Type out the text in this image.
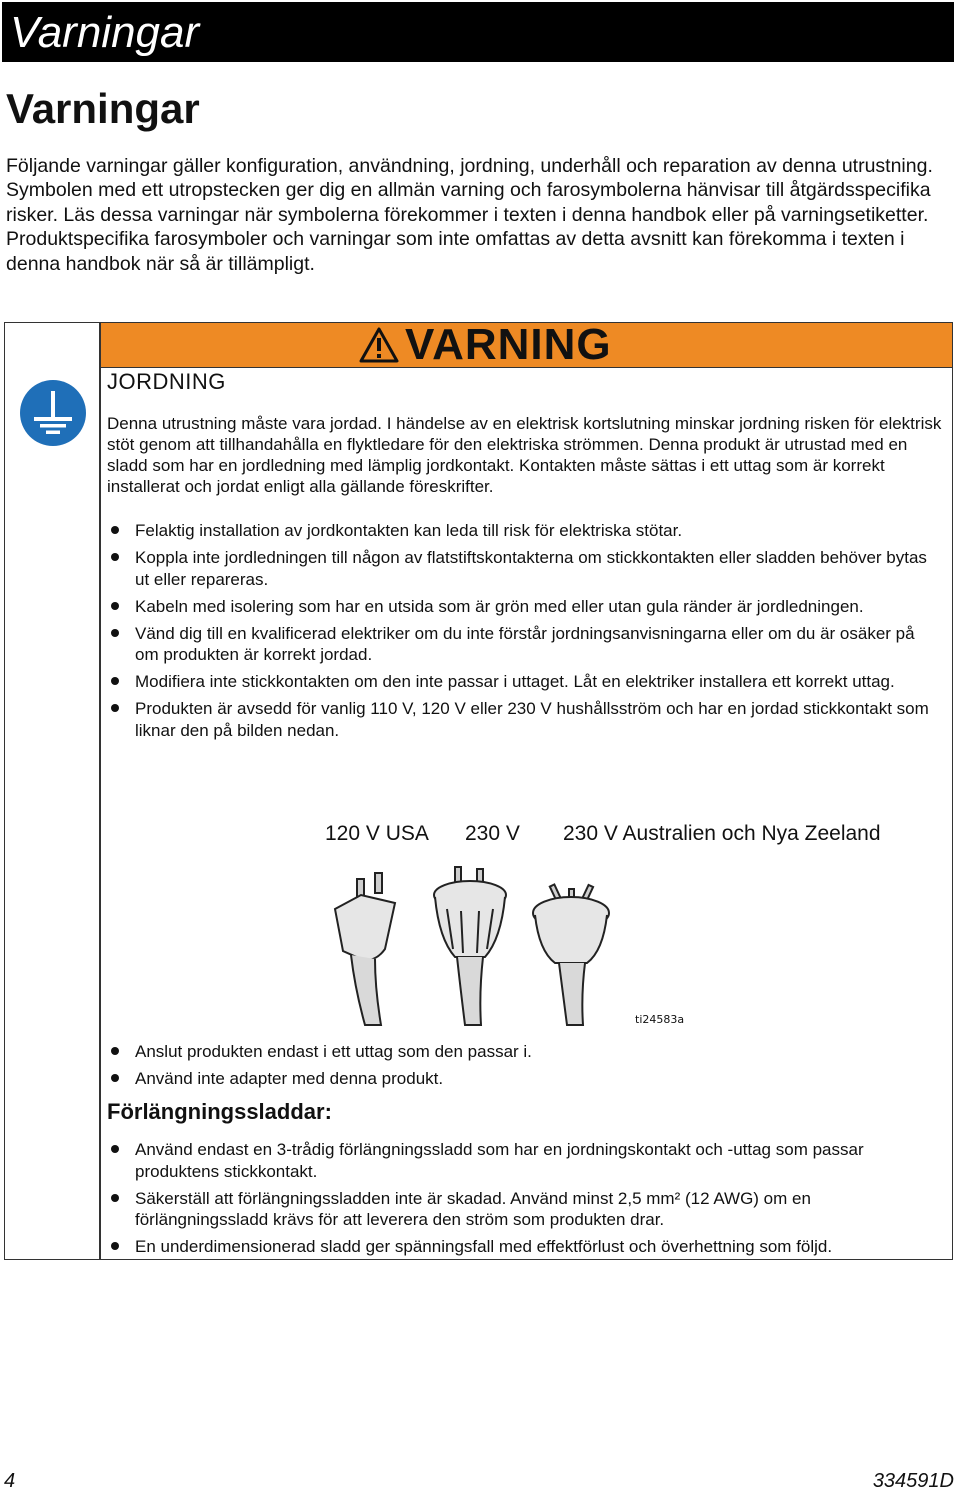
Varningar
Varningar
Följande varningar gäller konfiguration, användning, jordning, underhåll och reparation av denna utrustning. Symbolen med ett utropstecken ger dig en allmän varning och farosymbolerna hänvisar till åtgärdsspecifika risker. Läs dessa varningar när symbolerna förekommer i texten i denna handbok eller på varningsetiketter. Produktspecifika farosymboler och varningar som inte omfattas av detta avsnitt kan förekomma i texten i denna handbok när så är tillämpligt.
VARNING
JORDNING
Denna utrustning måste vara jordad. I händelse av en elektrisk kortslutning minskar jordning risken för elektrisk stöt genom att tillhandahålla en flyktledare för den elektriska strömmen. Denna produkt är utrustad med en sladd som har en jordledning med lämplig jordkontakt. Kontakten måste sättas i ett uttag som är korrekt installerat och jordat enligt alla gällande föreskrifter.
Felaktig installation av jordkontakten kan leda till risk för elektriska stötar.
Koppla inte jordledningen till någon av flatstiftskontakterna om stickkontakten eller sladden behöver bytas ut eller repareras.
Kabeln med isolering som har en utsida som är grön med eller utan gula ränder är jordledningen.
Vänd dig till en kvalificerad elektriker om du inte förstår jordningsanvisningarna eller om du är osäker på om produkten är korrekt jordad.
Modifiera inte stickkontakten om den inte passar i uttaget. Låt en elektriker installera ett korrekt uttag.
Produkten är avsedd för vanlig 110 V, 120 V eller 230 V hushållsström och har en jordad stickkontakt som liknar den på bilden nedan.
120 V USA 230 V 230 V Australien och Nya Zeeland
ti24583a
Anslut produkten endast i ett uttag som den passar i.
Använd inte adapter med denna produkt.
Förlängningssladdar:
Använd endast en 3-trådig förlängningssladd som har en jordningskontakt och -uttag som passar produktens stickkontakt.
Säkerställ att förlängningssladden inte är skadad. Använd minst 2,5 mm² (12 AWG) om en förlängningssladd krävs för att leverera den ström som produkten drar.
En underdimensionerad sladd ger spänningsfall med effektförlust och överhettning som följd.
4	334591D
